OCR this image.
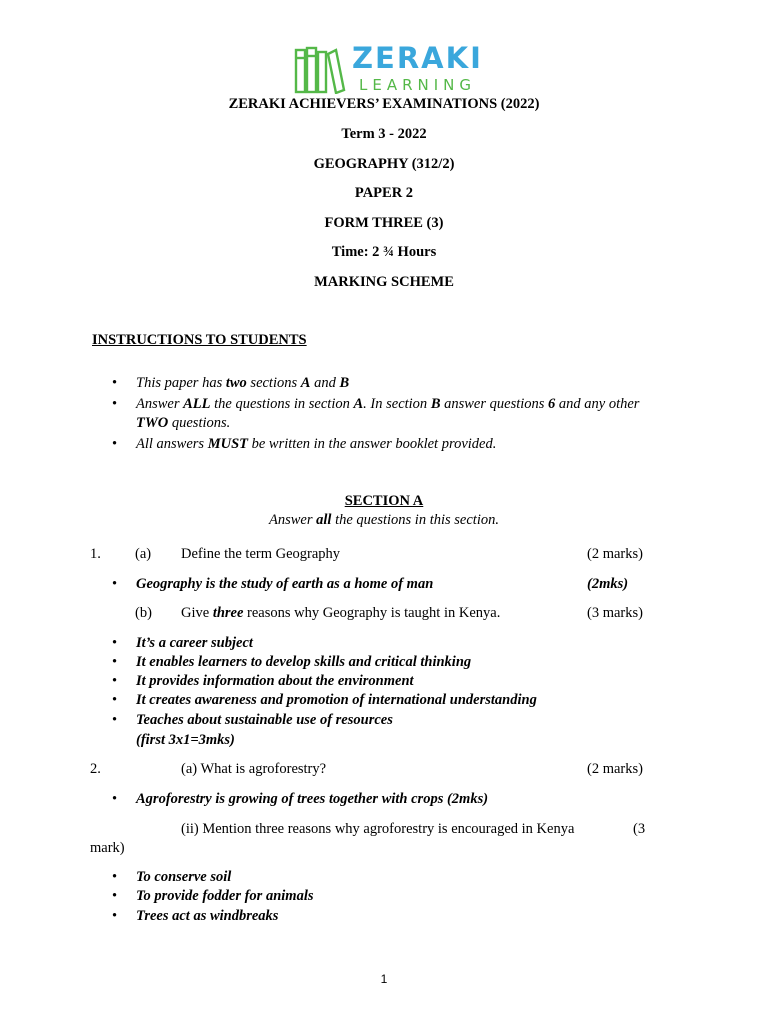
ZERAKI
LEARNING
ZERAKI ACHIEVERS’ EXAMINATIONS (2022)
Term 3 - 2022
GEOGRAPHY (312/2)
PAPER 2
FORM THREE (3)
Time: 2 ¾ Hours
MARKING SCHEME
INSTRUCTIONS TO STUDENTS
• This paper has two sections A and B
• Answer ALL the questions in section A. In section B answer questions 6 and any other
TWO questions.
• All answers MUST be written in the answer booklet provided.
SECTION A
Answer all the questions in this section.
1. (a) Define the term Geography	(2 marks)
• Geography is the study of earth as a home of man	(2mks)
(b) Give three reasons why Geography is taught in Kenya.	(3 marks)
• It’s a career subject
• It enables learners to develop skills and critical thinking
• It provides information about the environment
• It creates awareness and promotion of international understanding
• Teaches about sustainable use of resources
(first 3x1=3mks)
2.	(a) What is agroforestry?	(2 marks)
• Agroforestry is growing of trees together with crops (2mks)
(ii) Mention three reasons why agroforestry is encouraged in Kenya	(3
mark)
• To conserve soil
• To provide fodder for animals
• Trees act as windbreaks
1
